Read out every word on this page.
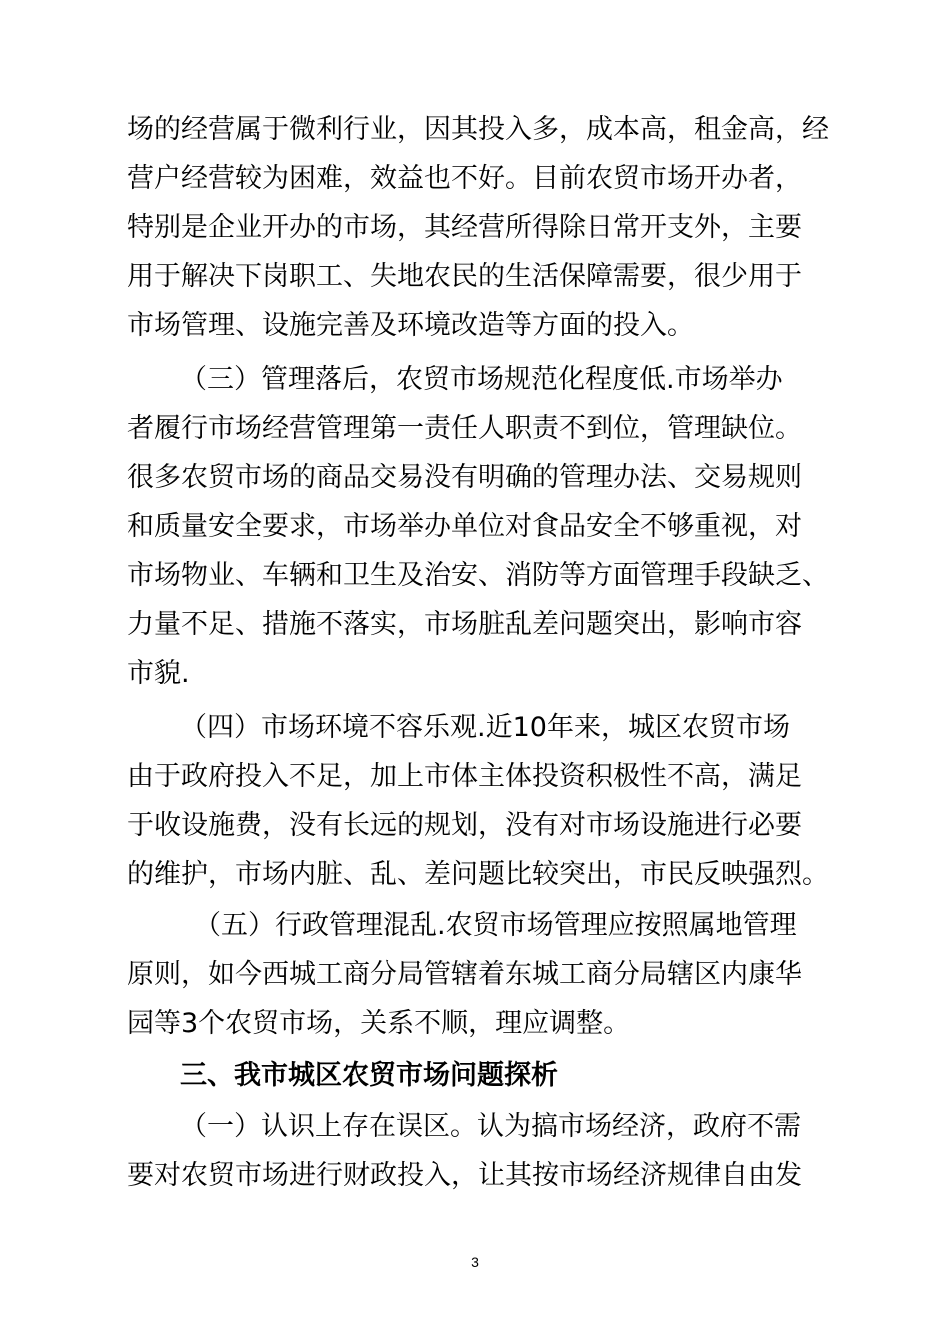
场的经营属于微利行业，因其投入多，成本高，租金高，经
营户经营较为困难，效益也不好。目前农贸市场开办者，
特别是企业开办的市场，其经营所得除日常开支外，主要
用于解决下岗职工、失地农民的生活保障需要，很少用于
市场管理、设施完善及环境改造等方面的投入。
（三）管理落后，农贸市场规范化程度低.市场举办
者履行市场经营管理第一责任人职责不到位，管理缺位。
很多农贸市场的商品交易没有明确的管理办法、交易规则
和质量安全要求，市场举办单位对食品安全不够重视，对
市场物业、车辆和卫生及治安、消防等方面管理手段缺乏、
力量不足、措施不落实，市场脏乱差问题突出，影响市容
市貌.
（四）市场环境不容乐观.近10年来，城区农贸市场
由于政府投入不足，加上市体主体投资积极性不高，满足
于收设施费，没有长远的规划，没有对市场设施进行必要
的维护，市场内脏、乱、差问题比较突出，市民反映强烈。
（五）行政管理混乱.农贸市场管理应按照属地管理
原则，如今西城工商分局管辖着东城工商分局辖区内康华
园等3个农贸市场，关系不顺，理应调整。
三、我市城区农贸市场问题探析
（一）认识上存在误区。认为搞市场经济，政府不需
要对农贸市场进行财政投入，让其按市场经济规律自由发
3
